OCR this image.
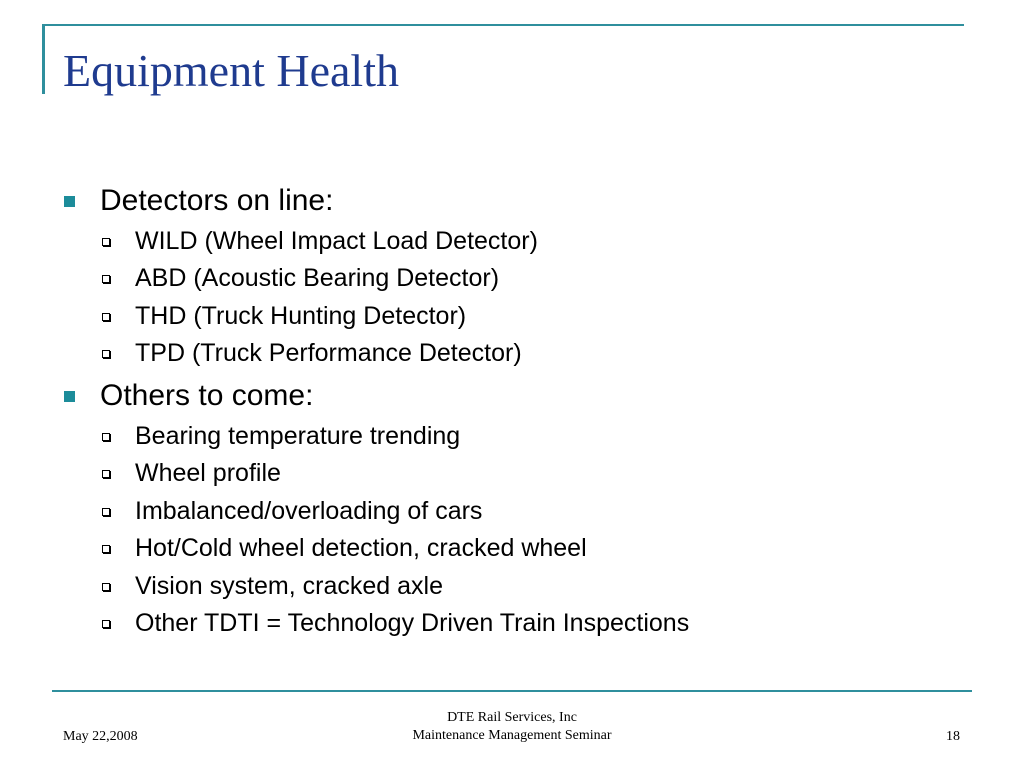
Equipment Health
Detectors on line:
WILD (Wheel Impact Load Detector)
ABD (Acoustic Bearing Detector)
THD (Truck Hunting Detector)
TPD (Truck Performance Detector)
Others to come:
Bearing temperature trending
Wheel profile
Imbalanced/overloading of cars
Hot/Cold wheel detection, cracked wheel
Vision system, cracked axle
Other TDTI = Technology Driven Train Inspections
May 22,2008
DTE Rail Services, Inc
Maintenance Management Seminar	18
